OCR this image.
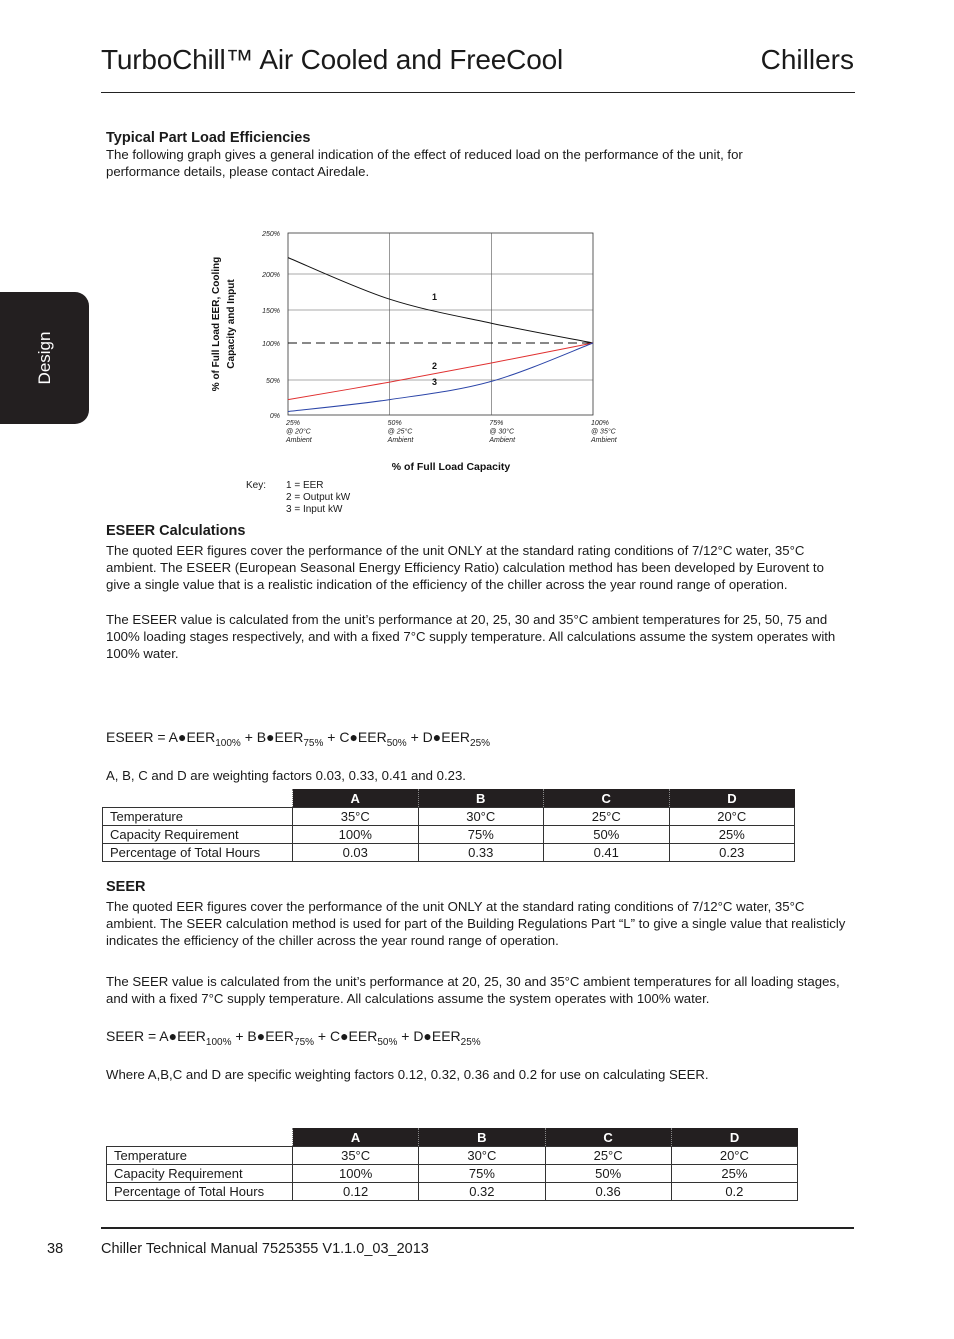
TurboChill™ Air Cooled and FreeCool	Chillers
Design
Typical Part Load Efficiencies

The following graph gives a general indication of the effect of reduced load on the performance of the unit, for performance details, please contact Airedale.

250%
200%
150%
100%
50%
0%
25%
@ 20°C
Ambient
50%
@ 25°C
Ambient
75%
@ 30°C
Ambient
100%
@ 35°C
Ambient
% of Full Load Capacity
% of Full Load EER, Cooling Capacity and Input	1
2
3
Key: 1 = EER
2 = Output kW
3 = Input kW
ESEER Calculations

The quoted EER figures cover the performance of the unit ONLY at the standard rating conditions of 7/12°C water, 35°C ambient. The ESEER (European Seasonal Energy Efficiency Ratio) calculation method has been developed by Eurovent to give a single value that is a realistic indication of the efficiency of the chiller across the year round range of operation.

The ESEER value is calculated from the unit’s performance at 20, 25, 30 and 35°C ambient temperatures for 25, 50, 75 and 100% loading stages respectively, and with a fixed 7°C supply temperature. All calculations assume the system operates with 100% water.

ESEER = $A●EER_{100\%}$ + $B●EER_{75\%}$ + $C●EER_{50\%}$ + $D●EER_{25\%}$

A, B, C and D are weighting factors 0.03, 0.33, 0.41 and 0.23.

	A	B	C	D
Temperature	35°C	30°C	25°C	20°C
Capacity Requirement	100%	75%	50%	25%
Percentage of Total Hours	0.03	0.33	0.41	0.23
SEER

The quoted EER figures cover the performance of the unit ONLY at the standard rating conditions of 7/12°C water, 35°C ambient. The SEER calculation method is used for part of the Building Regulations Part “L” to give a single value that realisticly indicates the efficiency of the chiller across the year round range of operation.

The SEER value is calculated from the unit’s performance at 20, 25, 30 and 35°C ambient temperatures for all loading stages, and with a fixed 7°C supply temperature. All calculations assume the system operates with 100% water.

SEER = $A●EER_{100\%}$ + $B●EER_{75\%}$ + $C●EER_{50\%}$ + $D●EER_{25\%}$

Where A,B,C and D are specific weighting factors 0.12, 0.32, 0.36 and 0.2 for use on calculating SEER.

	A	B	C	D
Temperature	35°C	30°C	25°C	20°C
Capacity Requirement	100%	75%	50%	25%
Percentage of Total Hours	0.12	0.32	0.36	0.2
38	Chiller Technical Manual 7525355 V1.1.0_03_2013
